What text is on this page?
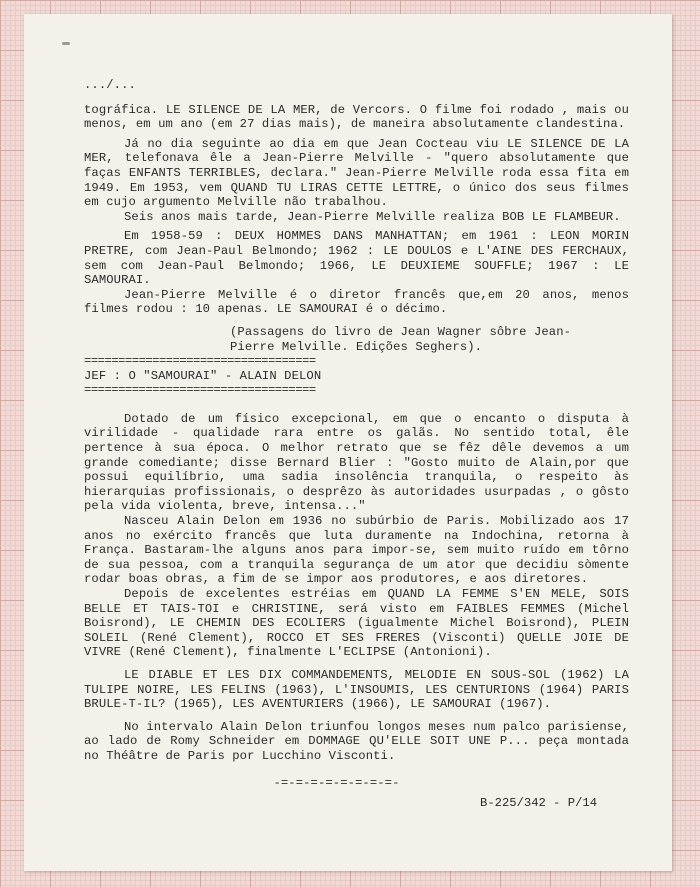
.../...

tográfica. LE SILENCE DE LA MER, de Vercors. O filme foi rodado , mais ou menos, em um ano (em 27 dias mais), de maneira absolutamente clandestina.

Já no dia seguinte ao dia em que Jean Cocteau viu LE SILENCE DE LA MER, telefonava êle a Jean-Pierre Melville - "quero absolutamente que faças ENFANTS TERRIBLES, declara." Jean-Pierre Melville roda essa fita em 1949. Em 1953, vem QUAND TU LIRAS CETTE LETTRE, o único dos seus filmes em cujo argumento Melville não trabalhou.

Seis anos mais tarde, Jean-Pierre Melville realiza BOB LE FLAMBEUR.

Em 1958-59 : DEUX HOMMES DANS MANHATTAN; em 1961 : LEON MORIN PRETRE, com Jean-Paul Belmondo; 1962 : LE DOULOS e L'AINE DES FERCHAUX, sem com Jean-Paul Belmondo; 1966, LE DEUXIEME SOUFFLE; 1967 : LE SAMOURAI.

Jean-Pierre Melville é o diretor francês que,em 20 anos, menos filmes rodou : 10 apenas. LE SAMOURAI é o décimo.

(Passagens do livro de Jean Wagner sôbre Jean-Pierre Melville. Edições Seghers).

==================================

JEF : O "SAMOURAI" - ALAIN DELON

==================================

Dotado de um físico excepcional, em que o encanto o disputa à virilidade - qualidade rara entre os galãs. No sentido total, êle pertence à sua época. O melhor retrato que se fêz dêle devemos a um grande comediante; disse Bernard Blier : "Gosto muito de Alain,por que possui equilíbrio, uma sadia insolência tranquila, o respeito às hierarquias profissionais, o desprêzo às autoridades usurpadas , o gôsto pela vida violenta, breve, intensa..."

Nasceu Alain Delon em 1936 no subúrbio de Paris. Mobilizado aos 17 anos no exército francês que luta duramente na Indochina, retorna à França. Bastaram-lhe alguns anos para impor-se, sem muito ruído em tôrno de sua pessoa, com a tranquila segurança de um ator que decidiu sòmente rodar boas obras, a fim de se impor aos produtores, e aos diretores.

Depois de excelentes estréias em QUAND LA FEMME S'EN MELE, SOIS BELLE ET TAIS-TOI e CHRISTINE, será visto em FAIBLES FEMMES (Michel Boisrond), LE CHEMIN DES ECOLIERS (igualmente Michel Boisrond), PLEIN SOLEIL (René Clement), ROCCO ET SES FRERES (Visconti) QUELLE JOIE DE VIVRE (René Clement), finalmente L'ECLIPSE (Antonioni).

LE DIABLE ET LES DIX COMMANDEMENTS, MELODIE EN SOUS-SOL (1962) LA TULIPE NOIRE, LES FELINS (1963), L'INSOUMIS, LES CENTURIONS (1964) PARIS BRULE-T-IL? (1965), LES AVENTURIERS (1966), LE SAMOURAI (1967).

No intervalo Alain Delon triunfou longos meses num palco parisiense, ao lado de Romy Schneider em DOMMAGE QU'ELLE SOIT UNE P... peça montada no Théâtre de Paris por Lucchino Visconti.

-=-=-=-=-=-=-=-=-

B-225/342 - P/14
